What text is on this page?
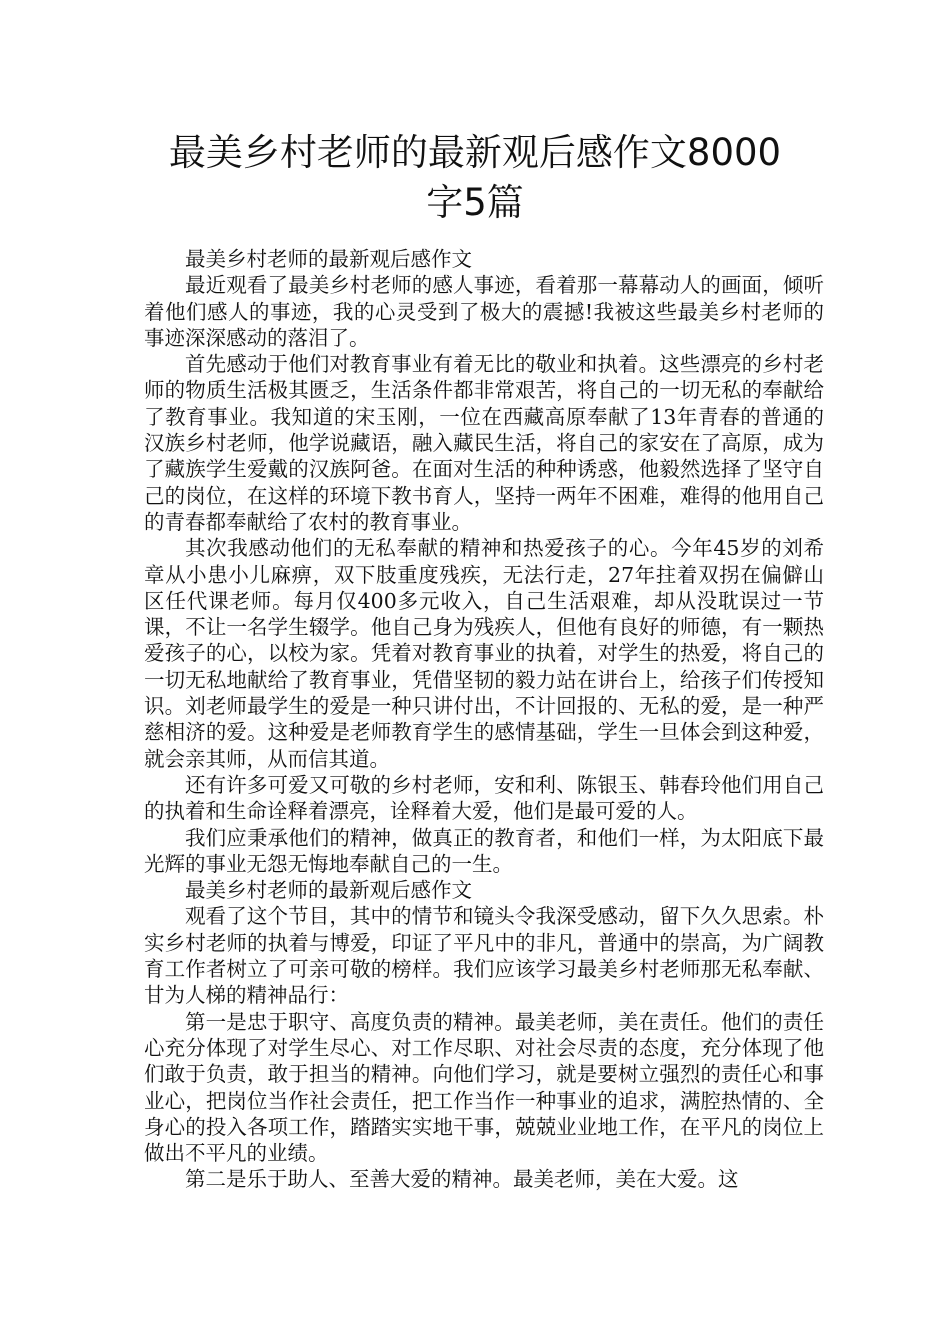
最美乡村老师的最新观后感作文8000
字5篇

最美乡村老师的最新观后感作文

最近观看了最美乡村老师的感人事迹，看着那一幕幕动人的画面，倾听着他们感人的事迹，我的心灵受到了极大的震撼!我被这些最美乡村老师的事迹深深感动的落泪了。

首先感动于他们对教育事业有着无比的敬业和执着。这些漂亮的乡村老师的物质生活极其匮乏，生活条件都非常艰苦，将自己的一切无私的奉献给了教育事业。我知道的宋玉刚，一位在西藏高原奉献了13年青春的普通的汉族乡村老师，他学说藏语，融入藏民生活，将自己的家安在了高原，成为了藏族学生爱戴的汉族阿爸。在面对生活的种种诱惑，他毅然选择了坚守自己的岗位，在这样的环境下教书育人，坚持一两年不困难，难得的他用自己的青春都奉献给了农村的教育事业。

其次我感动他们的无私奉献的精神和热爱孩子的心。今年45岁的刘希章从小患小儿麻痹，双下肢重度残疾，无法行走，27年拄着双拐在偏僻山区任代课老师。每月仅400多元收入，自己生活艰难，却从没耽误过一节课，不让一名学生辍学。他自己身为残疾人，但他有良好的师德，有一颗热爱孩子的心，以校为家。凭着对教育事业的执着，对学生的热爱，将自己的一切无私地献给了教育事业，凭借坚韧的毅力站在讲台上，给孩子们传授知识。刘老师最学生的爱是一种只讲付出，不计回报的、无私的爱，是一种严慈相济的爱。这种爱是老师教育学生的感情基础，学生一旦体会到这种爱，就会亲其师，从而信其道。

还有许多可爱又可敬的乡村老师，安和利、陈银玉、韩春玲他们用自己的执着和生命诠释着漂亮，诠释着大爱，他们是最可爱的人。

我们应秉承他们的精神，做真正的教育者，和他们一样，为太阳底下最光辉的事业无怨无悔地奉献自己的一生。

最美乡村老师的最新观后感作文

观看了这个节目，其中的情节和镜头令我深受感动，留下久久思索。朴实乡村老师的执着与博爱，印证了平凡中的非凡，普通中的崇高，为广阔教育工作者树立了可亲可敬的榜样。我们应该学习最美乡村老师那无私奉献、甘为人梯的精神品行：

第一是忠于职守、高度负责的精神。最美老师，美在责任。他们的责任心充分体现了对学生尽心、对工作尽职、对社会尽责的态度，充分体现了他们敢于负责，敢于担当的精神。向他们学习，就是要树立强烈的责任心和事业心，把岗位当作社会责任，把工作当作一种事业的追求，满腔热情的、全身心的投入各项工作，踏踏实实地干事，兢兢业业地工作，在平凡的岗位上做出不平凡的业绩。

第二是乐于助人、至善大爱的精神。最美老师，美在大爱。这
